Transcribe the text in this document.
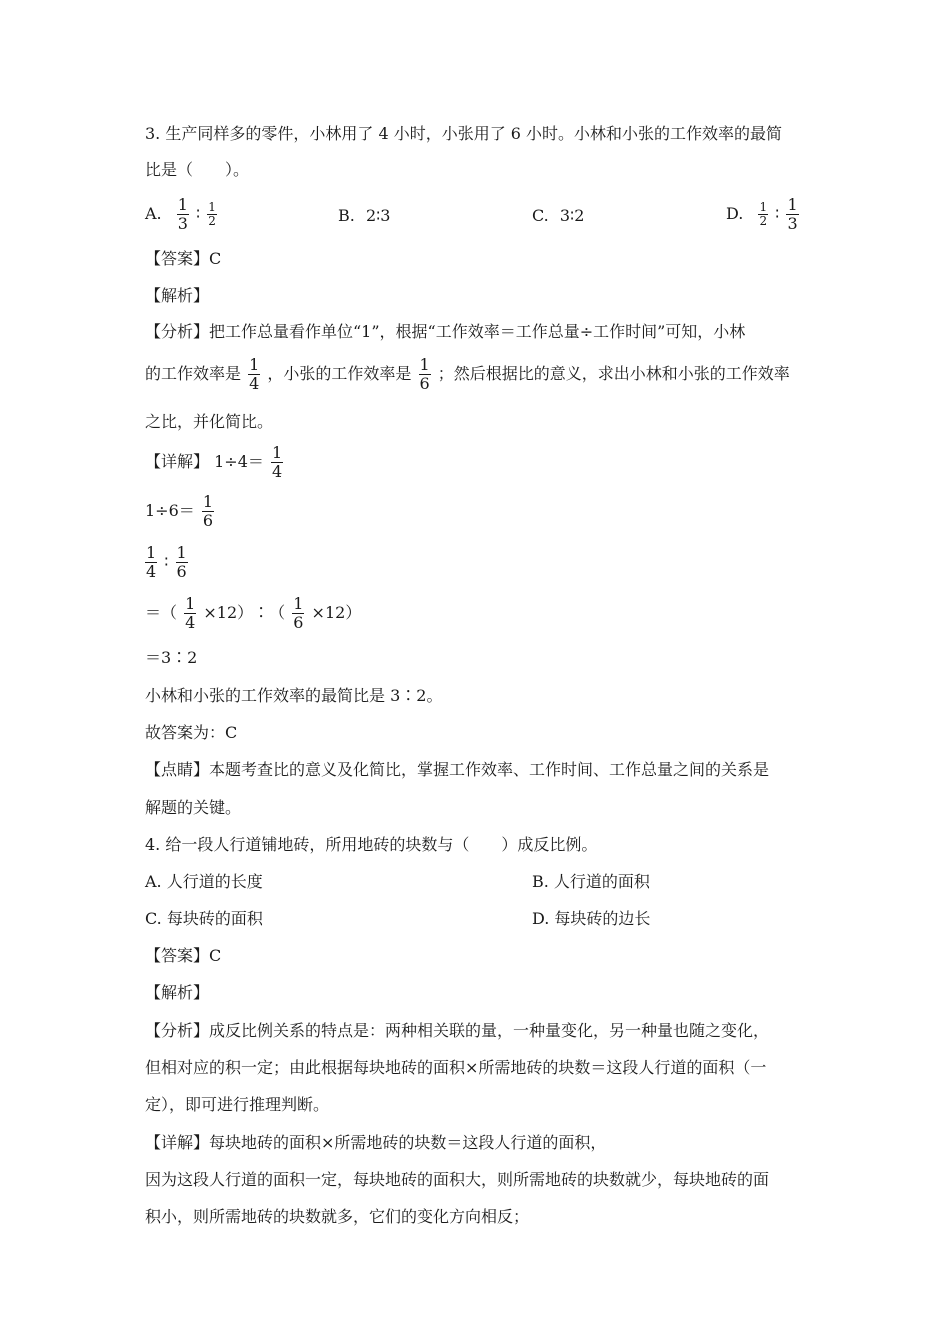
3. 生产同样多的零件，小林用了 4 小时，小张用了 6 小时。小林和小张的工作效率的最简
比是（　　）。
A. $\frac{1}{3}$ ∶ $\frac{1}{2}$	B. 2∶3	C. 3∶2	D. $\frac{1}{2}$ ∶ $\frac{1}{3}$
【答案】C
【解析】
【分析】把工作总量看作单位“1”，根据“工作效率＝工作总量÷工作时间”可知，小林
的工作效率是 $\frac{1}{4}$ ，小张的工作效率是 $\frac{1}{6}$ ；然后根据比的意义，求出小林和小张的工作效率
之比，并化简比。
【详解】 $1\div 4= \frac{1}{4}$
$1\div 6= \frac{1}{6}$
$\frac{1}{4}$ ∶ $\frac{1}{6}$
＝（ $\frac{1}{4}$ ×12）∶（ $\frac{1}{6} \times 12$）
＝3∶2
小林和小张的工作效率的最简比是 3∶2。
故答案为：C
【点睛】本题考查比的意义及化简比，掌握工作效率、工作时间、工作总量之间的关系是
解题的关键。
4. 给一段人行道铺地砖，所用地砖的块数与（　　）成反比例。
A. 人行道的长度	B. 人行道的面积
C. 每块砖的面积	D. 每块砖的边长
【答案】C
【解析】
【分析】成反比例关系的特点是：两种相关联的量，一种量变化，另一种量也随之变化，
但相对应的积一定；由此根据每块地砖的面积×所需地砖的块数＝这段人行道的面积（一
定），即可进行推理判断。
【详解】每块地砖的面积×所需地砖的块数＝这段人行道的面积，
因为这段人行道的面积一定，每块地砖的面积大，则所需地砖的块数就少，每块地砖的面
积小，则所需地砖的块数就多，它们的变化方向相反；
